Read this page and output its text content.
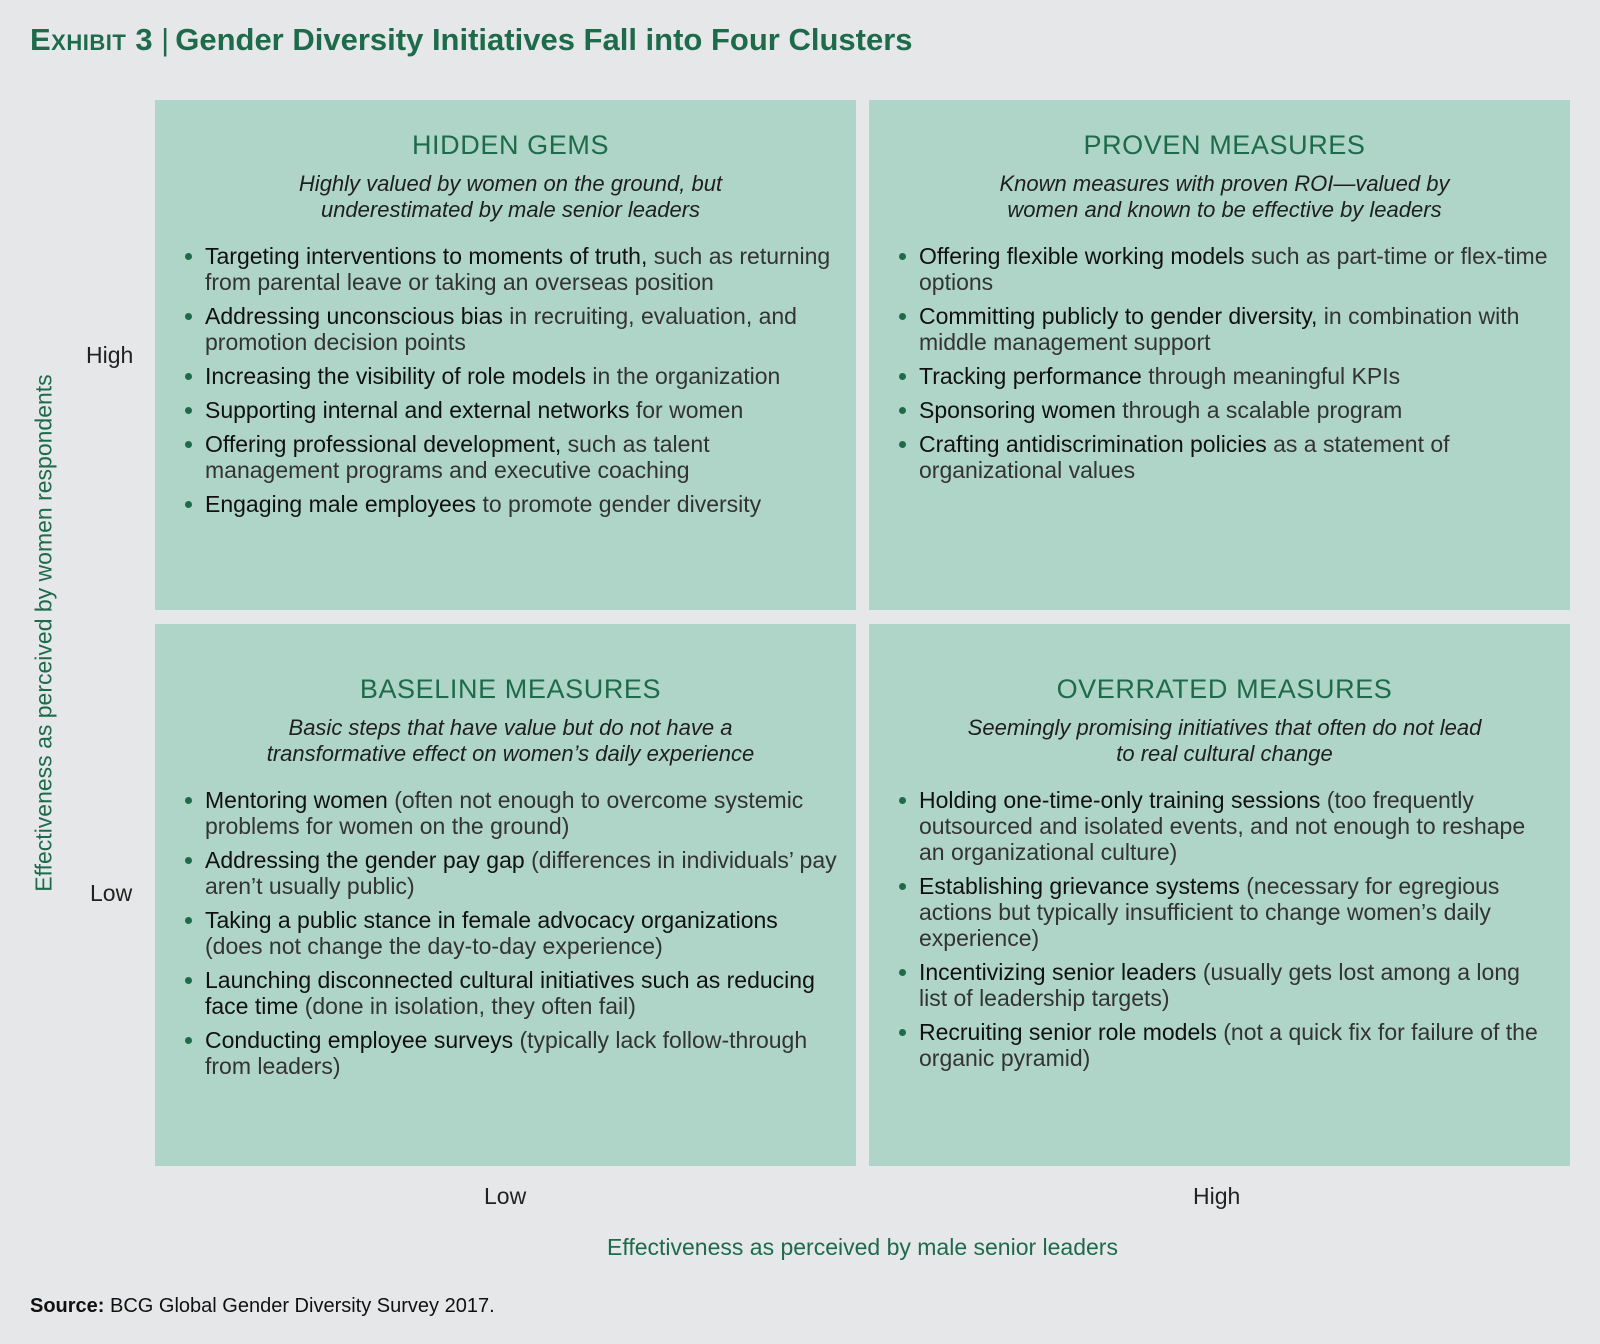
Exhibit 3 | Gender Diversity Initiatives Fall into Four Clusters
Effectiveness as perceived by women respondents
High
Low
HIDDEN GEMS
Highly valued by women on the ground, but underestimated by male senior leaders
Targeting interventions to moments of truth, such as returning from parental leave or taking an overseas position
Addressing unconscious bias in recruiting, evaluation, and promotion decision points
Increasing the visibility of role models in the organization
Supporting internal and external networks for women
Offering professional development, such as talent management programs and executive coaching
Engaging male employees to promote gender diversity
PROVEN MEASURES
Known measures with proven ROI—valued by women and known to be effective by leaders
Offering flexible working models such as part-time or flex-time options
Committing publicly to gender diversity, in combination with middle management support
Tracking performance through meaningful KPIs
Sponsoring women through a scalable program
Crafting antidiscrimination policies as a statement of organizational values
BASELINE MEASURES
Basic steps that have value but do not have a transformative effect on women’s daily experience
Mentoring women (often not enough to overcome systemic problems for women on the ground)
Addressing the gender pay gap (differences in individuals’ pay aren’t usually public)
Taking a public stance in female advocacy organizations (does not change the day-to-day experience)
Launching disconnected cultural initiatives such as reducing face time (done in isolation, they often fail)
Conducting employee surveys (typically lack follow-through from leaders)
OVERRATED MEASURES
Seemingly promising initiatives that often do not lead to real cultural change
Holding one-time-only training sessions (too frequently outsourced and isolated events, and not enough to reshape an organizational culture)
Establishing grievance systems (necessary for egregious actions but typically insufficient to change women’s daily experience)
Incentivizing senior leaders (usually gets lost among a long list of leadership targets)
Recruiting senior role models (not a quick fix for failure of the organic pyramid)
Low	High
Effectiveness as perceived by male senior leaders
Source: BCG Global Gender Diversity Survey 2017.
